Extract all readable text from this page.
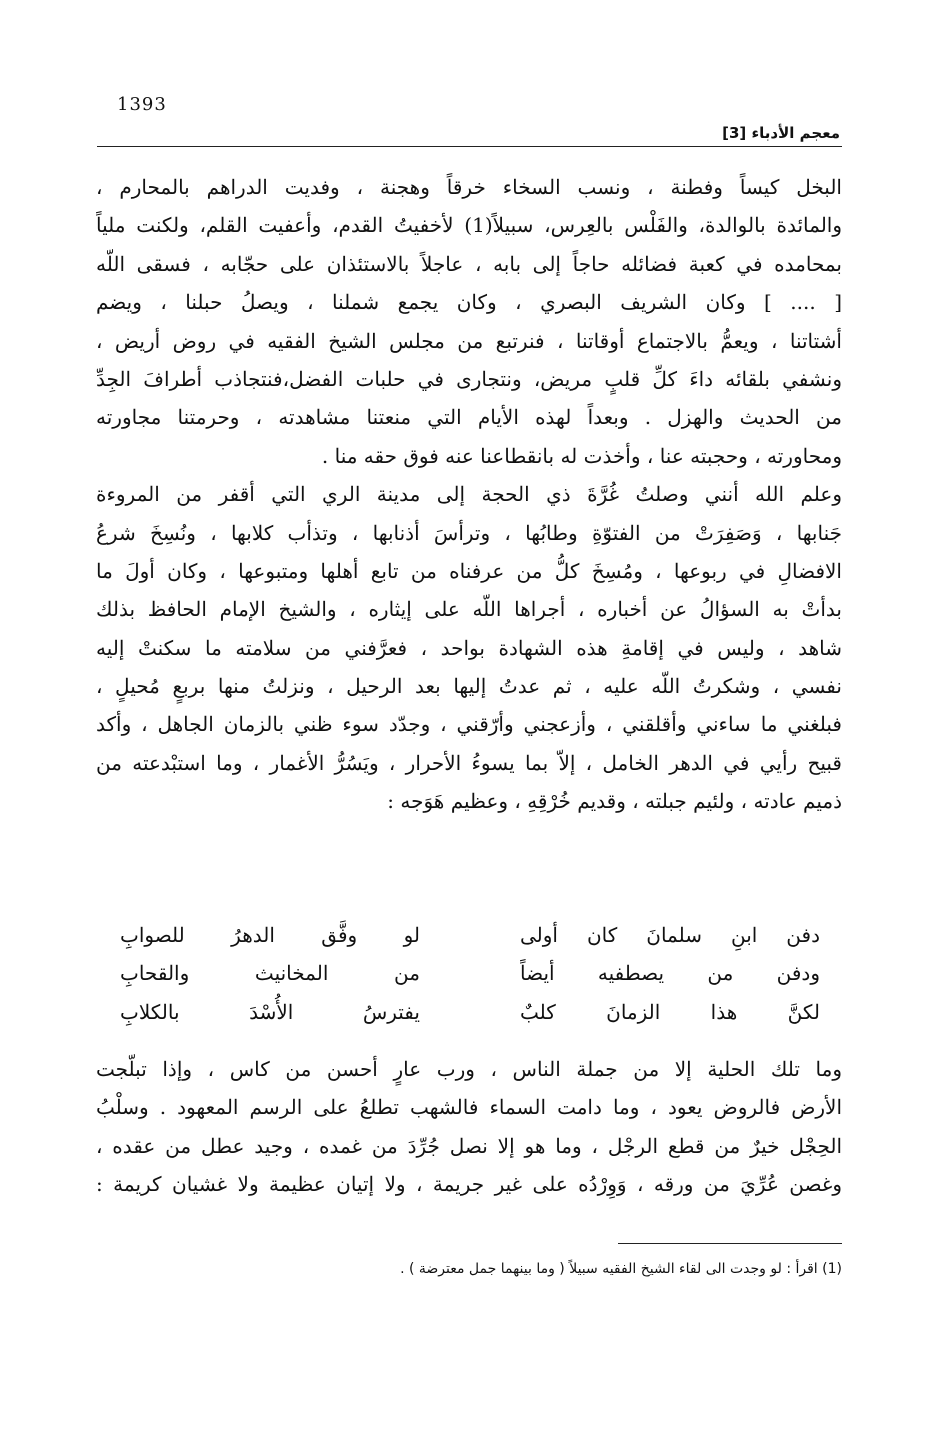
1393
معجم الأدباء [3]
البخل كيساً وفطنة ، ونسب السخاء خرقاً وهجنة ، وفديت الدراهم بالمحارم ،
والمائدة بالوالدة، والفَلْس بالعِرس، سبيلاً(1) لأخفيتُ القدم، وأعفيت القلم، ولكنت ملياً
بمحامده في كعبة فضائله حاجاً إلى بابه ، عاجلاً بالاستئذان على حجّابه ، فسقى اللّه
[ .... ] وكان الشريف البصري ، وكان يجمع شملنا ، ويصلُ حبلنا ، ويضم
أشتاتنا ، ويعمُّ بالاجتماع أوقاتنا ، فنرتبع من مجلس الشيخ الفقيه في روض أريض ،
ونشفي بلقائه داءَ كلِّ قلبٍ مريض، ونتجارى في حلبات الفضل،فنتجاذب أطرافَ الجِدِّ
من الحديث والهزل . وبعداً لهذه الأيام التي منعتنا مشاهدته ، وحرمتنا مجاورته
ومحاورته ، وحجبته عنا ، وأخذت له بانقطاعنا عنه فوق حقه منا .
وعلم الله أنني وصلتُ غُرَّةَ ذي الحجة إلى مدينة الري التي أقفر من المروءة
جَنابها ، وَصَفِرَتْ من الفتوّةِ وطابُها ، وترأسَ أذنابها ، وتذأب كلابها ، ونُسِخَ شرعُ
الافضالِ في ربوعها ، ومُسِخَ كلُّ من عرفناه من تابع أهلها ومتبوعها ، وكان أولَ ما
بدأتْ به السؤالُ عن أخباره ، أجراها اللّه على إيثاره ، والشيخ الإمام الحافظ بذلك
شاهد ، وليس في إقامةِ هذه الشهادة بواحد ، فعرَّفني من سلامته ما سكنتْ إليه
نفسي ، وشكرتُ اللّه عليه ، ثم عدتُ إليها بعد الرحيل ، ونزلتُ منها بربعٍ مُحيلٍ ،
فبلغني ما ساءني وأقلقني ، وأزعجني وأرّقني ، وجدّد سوء ظني بالزمان الجاهل ، وأكد
قبيح رأيي في الدهر الخامل ، إلاّ بما يسوءُ الأحرار ، ويَسُرُّ الأغمار ، وما استبْدعته من
ذميم عادته ، ولئيم جبلته ، وقديم خُرْقِهِ ، وعظيم هَوَجه :
دفن ابنِ سلمانَ كان أولى
لو وفَّق الدهرُ للصوابِ
ودفن من يصطفيه أيضاً
من المخانيث والقحابِ
لكنَّ هذا الزمانَ كلبٌ
يفترسُ الأُسْدَ بالكلابِ
وما تلك الحلية إلا من جملة الناس ، ورب عارٍ أحسن من كاس ، وإذا تبلّجت
الأرض فالروض يعود ، وما دامت السماء فالشهب تطلعُ على الرسم المعهود . وسلْبُ
الحِجْل خيرٌ من قطع الرجْل ، وما هو إلا نصل جُرِّدَ من غمده ، وجيد عطل من عقده ،
وغصن عُرِّيَ من ورقه ، وَوِرْدُه على غير جريمة ، ولا إتيان عظيمة ولا غشيان كريمة :
(1) اقرأ : لو وجدت الى لقاء الشيخ الفقيه سبيلاً ( وما بينهما جمل معترضة ) .
